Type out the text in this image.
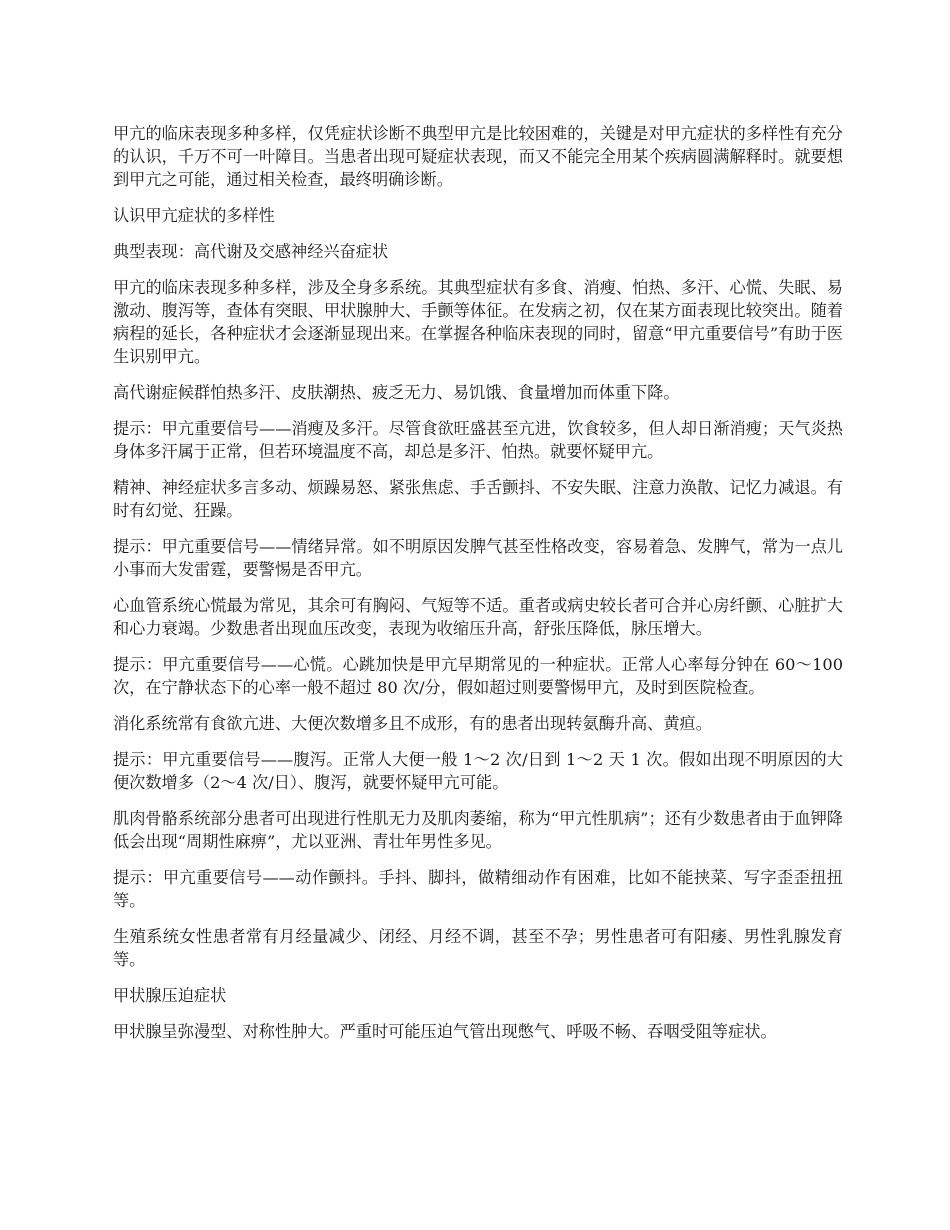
甲亢的临床表现多种多样，仅凭症状诊断不典型甲亢是比较困难的，关键是对甲亢症状的多样性有充分的认识，千万不可一叶障目。当患者出现可疑症状表现，而又不能完全用某个疾病圆满解释时。就要想到甲亢之可能，通过相关检查，最终明确诊断。

认识甲亢症状的多样性

典型表现：高代谢及交感神经兴奋症状

甲亢的临床表现多种多样，涉及全身多系统。其典型症状有多食、消瘦、怕热、多汗、心慌、失眠、易激动、腹泻等，查体有突眼、甲状腺肿大、手颤等体征。在发病之初，仅在某方面表现比较突出。随着病程的延长，各种症状才会逐渐显现出来。在掌握各种临床表现的同时，留意“甲亢重要信号”有助于医生识别甲亢。

高代谢症候群怕热多汗、皮肤潮热、疲乏无力、易饥饿、食量增加而体重下降。

提示：甲亢重要信号——消瘦及多汗。尽管食欲旺盛甚至亢进，饮食较多，但人却日渐消瘦；天气炎热身体多汗属于正常，但若环境温度不高，却总是多汗、怕热。就要怀疑甲亢。

精神、神经症状多言多动、烦躁易怒、紧张焦虑、手舌颤抖、不安失眠、注意力涣散、记忆力减退。有时有幻觉、狂躁。

提示：甲亢重要信号——情绪异常。如不明原因发脾气甚至性格改变，容易着急、发脾气，常为一点儿小事而大发雷霆，要警惕是否甲亢。

心血管系统心慌最为常见，其余可有胸闷、气短等不适。重者或病史较长者可合并心房纤颤、心脏扩大和心力衰竭。少数患者出现血压改变，表现为收缩压升高，舒张压降低，脉压增大。

提示：甲亢重要信号——心慌。心跳加快是甲亢早期常见的一种症状。正常人心率每分钟在 60～100 次，在宁静状态下的心率一般不超过 80 次/分，假如超过则要警惕甲亢，及时到医院检查。

消化系统常有食欲亢进、大便次数增多且不成形，有的患者出现转氨酶升高、黄疸。

提示：甲亢重要信号——腹泻。正常人大便一般 1～2 次/日到 1～2 天 1 次。假如出现不明原因的大便次数增多（2～4 次/日）、腹泻，就要怀疑甲亢可能。

肌肉骨骼系统部分患者可出现进行性肌无力及肌肉萎缩，称为“甲亢性肌病”；还有少数患者由于血钾降低会出现“周期性麻痹”，尤以亚洲、青壮年男性多见。

提示：甲亢重要信号——动作颤抖。手抖、脚抖，做精细动作有困难，比如不能挟菜、写字歪歪扭扭等。

生殖系统女性患者常有月经量减少、闭经、月经不调，甚至不孕；男性患者可有阳痿、男性乳腺发育等。

甲状腺压迫症状

甲状腺呈弥漫型、对称性肿大。严重时可能压迫气管出现憋气、呼吸不畅、吞咽受阻等症状。
